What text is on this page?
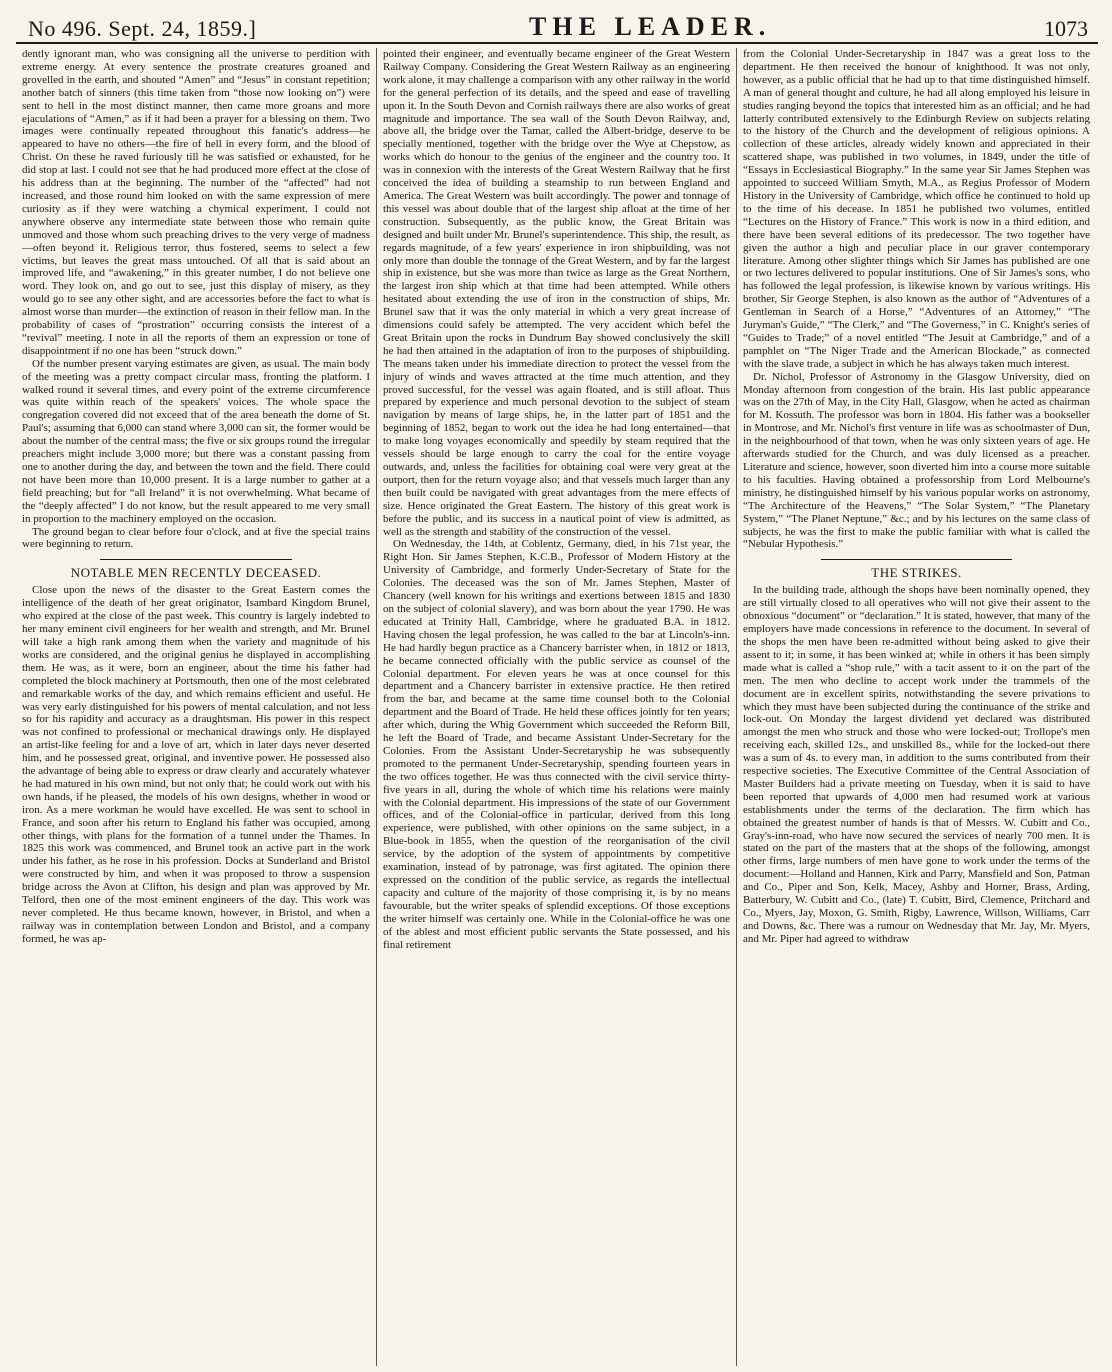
No 496. Sept. 24, 1859.]	THE LEADER.	1073

dently ignorant man, who was consigning all the universe to perdition with extreme energy. At every sentence the prostrate creatures groaned and grovelled in the earth, and shouted “Amen” and “Jesus” in constant repetition; another batch of sinners (this time taken from “those now looking on”) were sent to hell in the most distinct manner, then came more groans and more ejaculations of “Amen,” as if it had been a prayer for a blessing on them. Two images were continually repeated throughout this fanatic's address—he appeared to have no others—the fire of hell in every form, and the blood of Christ. On these he raved furiously till he was satisfied or exhausted, for he did stop at last. I could not see that he had produced more effect at the close of his address than at the beginning. The number of the “affected” had not increased, and those round him looked on with the same expression of mere curiosity as if they were watching a chymical experiment. I could not anywhere observe any intermediate state between those who remain quite unmoved and those whom such preaching drives to the very verge of madness—often beyond it. Religious terror, thus fostered, seems to select a few victims, but leaves the great mass untouched. Of all that is said about an improved life, and “awakening,” in this greater number, I do not believe one word. They look on, and go out to see, just this display of misery, as they would go to see any other sight, and are accessories before the fact to what is almost worse than murder—the extinction of reason in their fellow man. In the probability of cases of “prostration” occurring consists the interest of a “revival” meeting. I note in all the reports of them an expression or tone of disappointment if no one has been “struck down.”

Of the number present varying estimates are given, as usual. The main body of the meeting was a pretty compact circular mass, fronting the platform. I walked round it several times, and every point of the extreme circumference was quite within reach of the speakers' voices. The whole space the congregation covered did not exceed that of the area beneath the dome of St. Paul's; assuming that 6,000 can stand where 3,000 can sit, the former would be about the number of the central mass; the five or six groups round the irregular preachers might include 3,000 more; but there was a constant passing from one to another during the day, and between the town and the field. There could not have been more than 10,000 present. It is a large number to gather at a field preaching; but for “all Ireland” it is not overwhelming. What became of the “deeply affected” I do not know, but the result appeared to me very small in proportion to the machinery employed on the occasion.

The ground began to clear before four o'clock, and at five the special trains were beginning to return.

NOTABLE MEN RECENTLY DECEASED.

Close upon the news of the disaster to the Great Eastern comes the intelligence of the death of her great originator, Isambard Kingdom Brunel, who expired at the close of the past week. This country is largely indebted to her many eminent civil engineers for her wealth and strength, and Mr. Brunel will take a high rank among them when the variety and magnitude of his works are considered, and the original genius he displayed in accomplishing them. He was, as it were, born an engineer, about the time his father had completed the block machinery at Portsmouth, then one of the most celebrated and remarkable works of the day, and which remains efficient and useful. He was very early distinguished for his powers of mental calculation, and not less so for his rapidity and accuracy as a draughtsman. His power in this respect was not confined to professional or mechanical drawings only. He displayed an artist-like feeling for and a love of art, which in later days never deserted him, and he possessed great, original, and inventive power. He possessed also the advantage of being able to express or draw clearly and accurately whatever he had matured in his own mind, but not only that; he could work out with his own hands, if he pleased, the models of his own designs, whether in wood or iron. As a mere workman he would have excelled. He was sent to school in France, and soon after his return to England his father was occupied, among other things, with plans for the formation of a tunnel under the Thames. In 1825 this work was commenced, and Brunel took an active part in the work under his father, as he rose in his profession. Docks at Sunderland and Bristol were constructed by him, and when it was proposed to throw a suspension bridge across the Avon at Clifton, his design and plan was approved by Mr. Telford, then one of the most eminent engineers of the day. This work was never completed. He thus became known, however, in Bristol, and when a railway was in contemplation between London and Bristol, and a company formed, he was ap-

pointed their engineer, and eventually became engineer of the Great Western Railway Company. Considering the Great Western Railway as an engineering work alone, it may challenge a comparison with any other railway in the world for the general perfection of its details, and the speed and ease of travelling upon it. In the South Devon and Cornish railways there are also works of great magnitude and importance. The sea wall of the South Devon Railway, and, above all, the bridge over the Tamar, called the Albert-bridge, deserve to be specially mentioned, together with the bridge over the Wye at Chepstow, as works which do honour to the genius of the engineer and the country too. It was in connexion with the interests of the Great Western Railway that he first conceived the idea of building a steamship to run between England and America. The Great Western was built accordingly. The power and tonnage of this vessel was about double that of the largest ship afloat at the time of her construction. Subsequently, as the public know, the Great Britain was designed and built under Mr. Brunel's superintendence. This ship, the result, as regards magnitude, of a few years' experience in iron shipbuilding, was not only more than double the tonnage of the Great Western, and by far the largest ship in existence, but she was more than twice as large as the Great Northern, the largest iron ship which at that time had been attempted. While others hesitated about extending the use of iron in the construction of ships, Mr. Brunel saw that it was the only material in which a very great increase of dimensions could safely be attempted. The very accident which befel the Great Britain upon the rocks in Dundrum Bay showed conclusively the skill he had then attained in the adaptation of iron to the purposes of shipbuilding. The means taken under his immediate direction to protect the vessel from the injury of winds and waves attracted at the time much attention, and they proved successful, for the vessel was again floated, and is still afloat. Thus prepared by experience and much personal devotion to the subject of steam navigation by means of large ships, he, in the latter part of 1851 and the beginning of 1852, began to work out the idea he had long entertained—that to make long voyages economically and speedily by steam required that the vessels should be large enough to carry the coal for the entire voyage outwards, and, unless the facilities for obtaining coal were very great at the outport, then for the return voyage also; and that vessels much larger than any then built could be navigated with great advantages from the mere effects of size. Hence originated the Great Eastern. The history of this great work is before the public, and its success in a nautical point of view is admitted, as well as the strength and stability of the construction of the vessel.

On Wednesday, the 14th, at Coblentz, Germany, died, in his 71st year, the Right Hon. Sir James Stephen, K.C.B., Professor of Modern History at the University of Cambridge, and formerly Under-Secretary of State for the Colonies. The deceased was the son of Mr. James Stephen, Master of Chancery (well known for his writings and exertions between 1815 and 1830 on the subject of colonial slavery), and was born about the year 1790. He was educated at Trinity Hall, Cambridge, where he graduated B.A. in 1812. Having chosen the legal profession, he was called to the bar at Lincoln's-inn. He had hardly begun practice as a Chancery barrister when, in 1812 or 1813, he became connected officially with the public service as counsel of the Colonial department. For eleven years he was at once counsel for this department and a Chancery barrister in extensive practice. He then retired from the bar, and became at the same time counsel both to the Colonial department and the Board of Trade. He held these offices jointly for ten years; after which, during the Whig Government which succeeded the Reform Bill, he left the Board of Trade, and became Assistant Under-Secretary for the Colonies. From the Assistant Under-Secretaryship he was subsequently promoted to the permanent Under-Secretaryship, spending fourteen years in the two offices together. He was thus connected with the civil service thirty-five years in all, during the whole of which time his relations were mainly with the Colonial department. His impressions of the state of our Government offices, and of the Colonial-office in particular, derived from this long experience, were published, with other opinions on the same subject, in a Blue-book in 1855, when the question of the reorganisation of the civil service, by the adoption of the system of appointments by competitive examination, instead of by patronage, was first agitated. The opinion there expressed on the condition of the public service, as regards the intellectual capacity and culture of the majority of those comprising it, is by no means favourable, but the writer speaks of splendid exceptions. Of those exceptions the writer himself was certainly one. While in the Colonial-office he was one of the ablest and most efficient public servants the State possessed, and his final retirement

from the Colonial Under-Secretaryship in 1847 was a great loss to the department. He then received the honour of knighthood. It was not only, however, as a public official that he had up to that time distinguished himself. A man of general thought and culture, he had all along employed his leisure in studies ranging beyond the topics that interested him as an official; and he had latterly contributed extensively to the Edinburgh Review on subjects relating to the history of the Church and the development of religious opinions. A collection of these articles, already widely known and appreciated in their scattered shape, was published in two volumes, in 1849, under the title of “Essays in Ecclesiastical Biography.” In the same year Sir James Stephen was appointed to succeed William Smyth, M.A., as Regius Professor of Modern History in the University of Cambridge, which office he continued to hold up to the time of his decease. In 1851 he published two volumes, entitled “Lectures on the History of France.” This work is now in a third edition, and there have been several editions of its predecessor. The two together have given the author a high and peculiar place in our graver contemporary literature. Among other slighter things which Sir James has published are one or two lectures delivered to popular institutions. One of Sir James's sons, who has followed the legal profession, is likewise known by various writings. His brother, Sir George Stephen, is also known as the author of “Adventures of a Gentleman in Search of a Horse,” “Adventures of an Attorney,” “The Juryman's Guide,” “The Clerk,” and “The Governess,” in C. Knight's series of “Guides to Trade;” of a novel entitled “The Jesuit at Cambridge,” and of a pamphlet on “The Niger Trade and the American Blockade,” as connected with the slave trade, a subject in which he has always taken much interest.

Dr. Nichol, Professor of Astronomy in the Glasgow University, died on Monday afternoon from congestion of the brain. His last public appearance was on the 27th of May, in the City Hall, Glasgow, when he acted as chairman for M. Kossuth. The professor was born in 1804. His father was a bookseller in Montrose, and Mr. Nichol's first venture in life was as schoolmaster of Dun, in the neighbourhood of that town, when he was only sixteen years of age. He afterwards studied for the Church, and was duly licensed as a preacher. Literature and science, however, soon diverted him into a course more suitable to his faculties. Having obtained a professorship from Lord Melbourne's ministry, he distinguished himself by his various popular works on astronomy, “The Architecture of the Heavens,” “The Solar System,” “The Planetary System,” “The Planet Neptune,” &c.; and by his lectures on the same class of subjects, he was the first to make the public familiar with what is called the “Nebular Hypothesis.”

THE STRIKES.

In the building trade, although the shops have been nominally opened, they are still virtually closed to all operatives who will not give their assent to the obnoxious “document” or “declaration.” It is stated, however, that many of the employers have made concessions in reference to the document. In several of the shops the men have been re-admitted without being asked to give their assent to it; in some, it has been winked at; while in others it has been simply made what is called a “shop rule,” with a tacit assent to it on the part of the men. The men who decline to accept work under the trammels of the document are in excellent spirits, notwithstanding the severe privations to which they must have been subjected during the continuance of the strike and lock-out. On Monday the largest dividend yet declared was distributed amongst the men who struck and those who were locked-out; Trollope's men receiving each, skilled 12s., and unskilled 8s., while for the locked-out there was a sum of 4s. to every man, in addition to the sums contributed from their respective societies. The Executive Committee of the Central Association of Master Builders had a private meeting on Tuesday, when it is said to have been reported that upwards of 4,000 men had resumed work at various establishments under the terms of the declaration. The firm which has obtained the greatest number of hands is that of Messrs. W. Cubitt and Co., Gray's-inn-road, who have now secured the services of nearly 700 men. It is stated on the part of the masters that at the shops of the following, amongst other firms, large numbers of men have gone to work under the terms of the document:—Holland and Hannen, Kirk and Parry, Mansfield and Son, Patman and Co., Piper and Son, Kelk, Macey, Ashby and Horner, Brass, Arding, Batterbury, W. Cubitt and Co., (late) T. Cubitt, Bird, Clemence, Pritchard and Co., Myers, Jay, Moxon, G. Smith, Rigby, Lawrence, Willson, Williams, Carr and Downs, &c. There was a rumour on Wednesday that Mr. Jay, Mr. Myers, and Mr. Piper had agreed to withdraw
